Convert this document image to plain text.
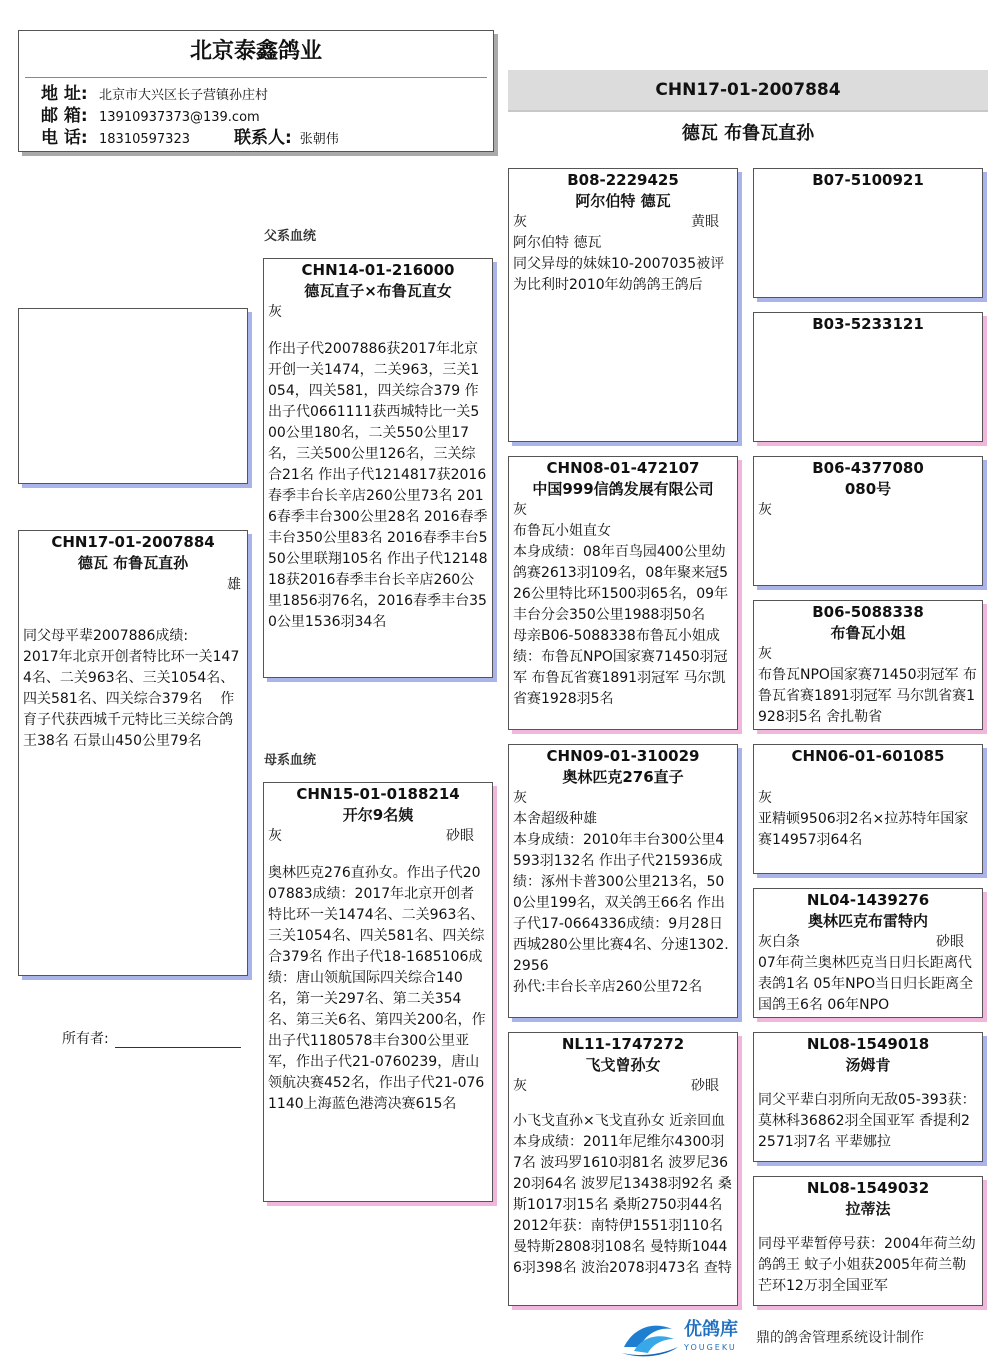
北京泰鑫鸽业
地 址: 北京市大兴区长子营镇孙庄村
邮 箱: 13910937373@139.com
电 话: 18310597323	联系人: 张朝伟
CHN17-01-2007884
德瓦 布鲁瓦直孙
CHN17-01-2007884
德瓦 布鲁瓦直孙
雄
同父母平辈2007886成绩:
2017年北京开创者特比环一关1474名、二关963名、三关1054名、四关581名、四关综合379名    作育子代获西城千元特比三关综合鸽王38名 石景山450公里79名
所有者:
父系血统
CHN14-01-216000
德瓦直子×布鲁瓦直女
灰
作出子代2007886获2017年北京开创一关1474，二关963，三关1054，四关581，四关综合379 作出子代0661111获西城特比一关500公里180名，二关550公里17名，三关500公里126名，三关综合21名 作出子代1214817获2016春季丰台长辛店260公里73名 2016春季丰台300公里28名 2016春季丰台350公里83名 2016春季丰台550公里联翔105名 作出子代1214818获2016春季丰台长辛店260公里1856羽76名，2016春季丰台350公里1536羽34名
母系血统
CHN15-01-0188214
开尔9名姨
灰	砂眼
奥林匹克276直孙女。作出子代2007883成绩：2017年北京开创者特比环一关1474名、二关963名、三关1054名、四关581名、四关综合379名 作出子代18-1685106成绩：唐山领航国际四关综合140名，第一关297名、第二关354名、第三关6名、第四关200名，作出子代1180578丰台300公里亚军，作出子代21-0760239，唐山领航决赛452名，作出子代21-0761140上海蓝色港湾决赛615名
B08-2229425
阿尔伯特 德瓦
灰	黄眼
阿尔伯特 德瓦
同父异母的妹妹10-2007035被评为比利时2010年幼鸽鸽王鸽后
CHN08-01-472107
中国999信鸽发展有限公司
灰
布鲁瓦小姐直女
本身成绩：08年百鸟园400公里幼鸽赛2613羽109名，08年聚来冠526公里特比环1500羽65名，09年丰台分会350公里1988羽50名
母亲B06-5088338布鲁瓦小姐成绩：布鲁瓦NPO国家赛71450羽冠军 布鲁瓦省赛1891羽冠军 马尔凯省赛1928羽5名
CHN09-01-310029
奥林匹克276直子
灰
本舍超级种雄
本身成绩：2010年丰台300公里4593羽132名 作出子代215936成绩：涿州卡普300公里213名，500公里199名，双关鸽王66名 作出子代17-0664336成绩：9月28日西城280公里比赛4名、分速1302.2956
孙代:丰台长辛店260公里72名
NL11-1747272
飞戈曾孙女
灰	砂眼
小飞戈直孙×飞戈直孙女 近亲回血 本身成绩：2011年尼维尔4300羽7名 波玛罗1610羽81名 波罗尼3620羽64名 波罗尼13438羽92名 桑斯1017羽15名 桑斯2750羽44名 2012年获：南特伊1551羽110名 曼特斯2808羽108名 曼特斯10446羽398名 波治2078羽473名 查特
B07-5100921
B03-5233121
B06-4377080
080号
灰
B06-5088338
布鲁瓦小姐
灰
布鲁瓦NPO国家赛71450羽冠军 布鲁瓦省赛1891羽冠军 马尔凯省赛1928羽5名 舍扎勒省
CHN06-01-601085
灰
亚精顿9506羽2名×拉苏特年国家赛14957羽64名
NL04-1439276
奥林匹克布雷特内
灰白条	砂眼
07年荷兰奥林匹克当日归长距离代表鸽1名 05年NPO当日归长距离全国鸽王6名 06年NPO
NL08-1549018
汤姆肯
同父平辈白羽所向无敌05-393获：莫林科36862羽全国亚军 香提利22571羽7名 平辈娜拉
NL08-1549032
拉蒂法
同母平辈暂停号获：2004年荷兰幼鸽鸽王 蚊子小姐获2005年荷兰勒芒环12万羽全国亚军
优鸽库
YOUGEKU
鼎的鸽舍管理系统设计制作
